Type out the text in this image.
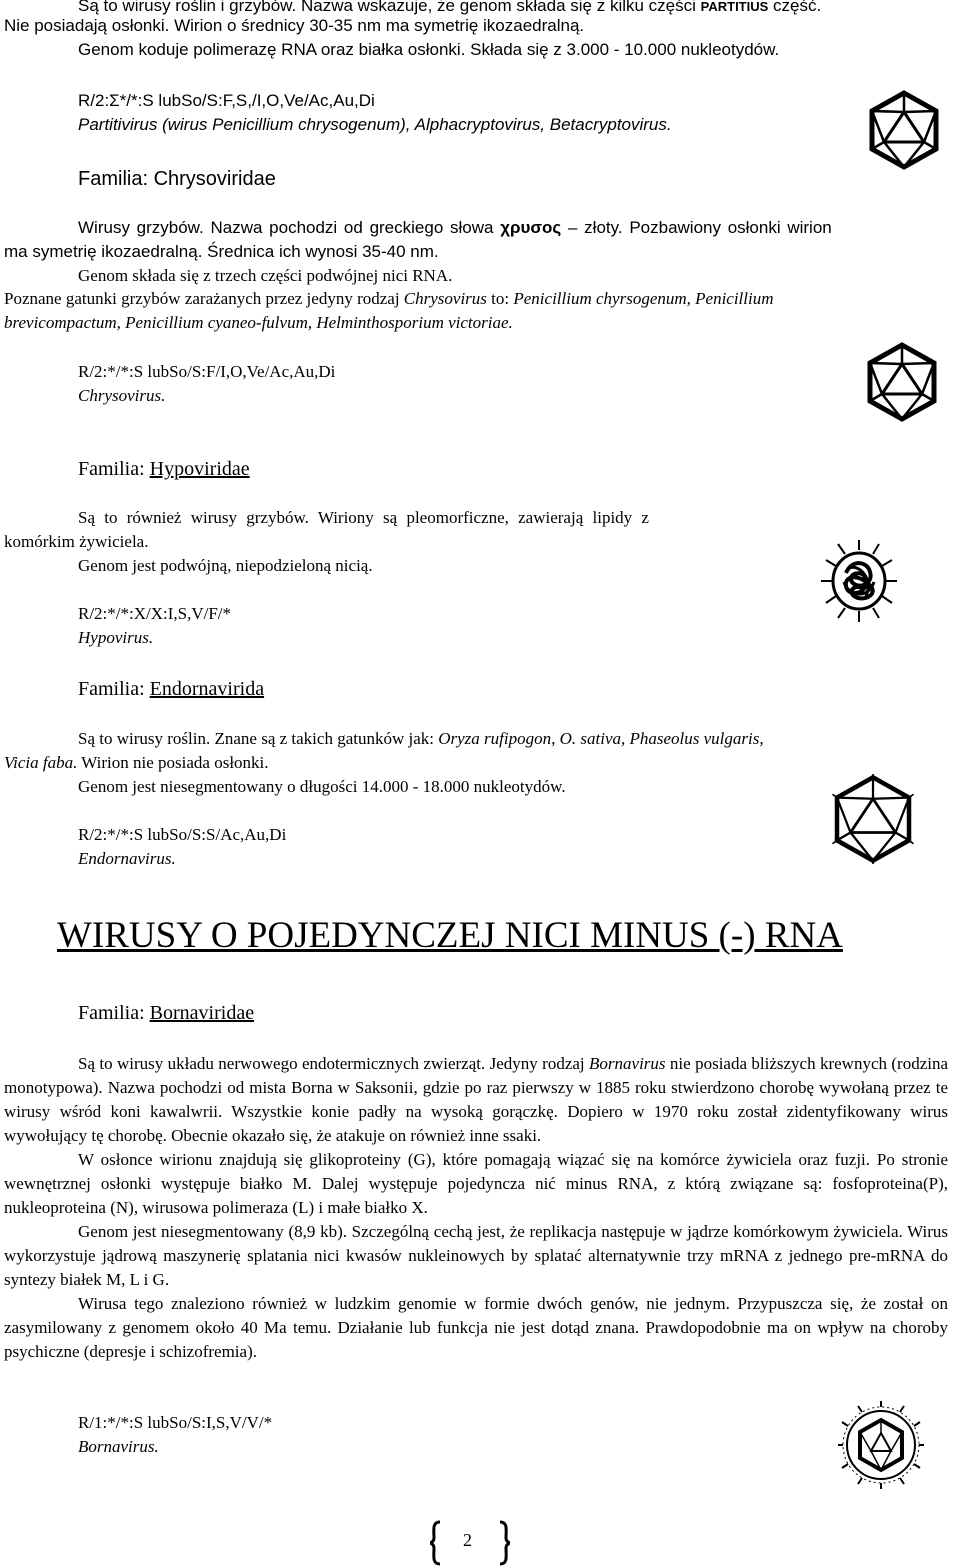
Są to wirusy roślin i grzybów. Nazwa wskazuje, że genom składa się z kilku części PARTITIUS część.
Nie posiadają osłonki. Wirion o średnicy 30-35 nm ma symetrię ikozaedralną.
Genom koduje polimerazę RNA oraz białka osłonki. Składa się z 3.000 - 10.000 nukleotydów.
R/2:Σ*/*:S lubSo/S:F,S,/I,O,Ve/Ac,Au,Di
Partitivirus (wirus Penicillium chrysogenum), Alphacryptovirus, Betacryptovirus.
Familia: Chrysoviridae
Wirusy grzybów. Nazwa pochodzi od greckiego słowa χρυσος – złoty. Pozbawiony osłonki wirion
ma symetrię ikozaedralną. Średnica ich wynosi 35-40 nm.
Genom składa się z trzech części podwójnej nici RNA.
Poznane gatunki grzybów zarażanych przez jedyny rodzaj Chrysovirus to: Penicillium chyrsogenum, Penicillium
brevicompactum, Penicillium cyaneo-fulvum, Helminthosporium victoriae.
R/2:*/*:S lubSo/S:F/I,O,Ve/Ac,Au,Di
Chrysovirus.
Familia: Hypoviridae
Są to również wirusy grzybów. Wiriony są pleomorficzne, zawierają lipidy z
komórkim żywiciela.
Genom jest podwójną, niepodzieloną nicią.
R/2:*/*:X/X:I,S,V/F/*
Hypovirus.
Familia: Endornavirida
Są to wirusy roślin. Znane są z takich gatunków jak: Oryza rufipogon, O. sativa, Phaseolus vulgaris,
Vicia faba. Wirion nie posiada osłonki.
Genom jest niesegmentowany o długości 14.000 - 18.000 nukleotydów.
R/2:*/*:S lubSo/S:S/Ac,Au,Di
Endornavirus.
WIRUSY O POJEDYNCZEJ NICI MINUS (-) RNA
Familia: Bornaviridae

Są to wirusy układu nerwowego endotermicznych zwierząt. Jedyny rodzaj Bornavirus nie posiada bliższych krewnych (rodzina monotypowa). Nazwa pochodzi od mista Borna w Saksonii, gdzie po raz pierwszy w 1885 roku stwierdzono chorobę wywołaną przez te wirusy wśród koni kawalwrii. Wszystkie konie padły na wysoką gorączkę. Dopiero w 1970 roku został zidentyfikowany wirus wywołujący tę chorobę. Obecnie okazało się, że atakuje on również inne ssaki.

W osłonce wirionu znajdują się glikoproteiny (G), które pomagają wiązać się na komórce żywiciela oraz fuzji. Po stronie wewnętrznej osłonki występuje białko M. Dalej występuje pojedyncza nić minus RNA, z którą związane są: fosfoproteina(P), nukleoproteina (N), wirusowa polimeraza (L) i małe białko X.

Genom jest niesegmentowany (8,9 kb). Szczególną cechą jest, że replikacja następuje w jądrze komórkowym żywiciela. Wirus wykorzystuje jądrową maszynerię splatania nici kwasów nukleinowych by splatać alternatywnie trzy mRNA z jednego pre-mRNA do syntezy białek M, L i G.

Wirusa tego znaleziono również w ludzkim genomie w formie dwóch genów, nie jednym. Przypuszcza się, że został on zasymilowany z genomem około 40 Ma temu. Działanie lub funkcja nie jest dotąd znana. Prawdopodobnie ma on wpływ na choroby psychiczne (depresje i schizofremia).

R/1:*/*:S lubSo/S:I,S,V/V/*
Bornavirus.
2
